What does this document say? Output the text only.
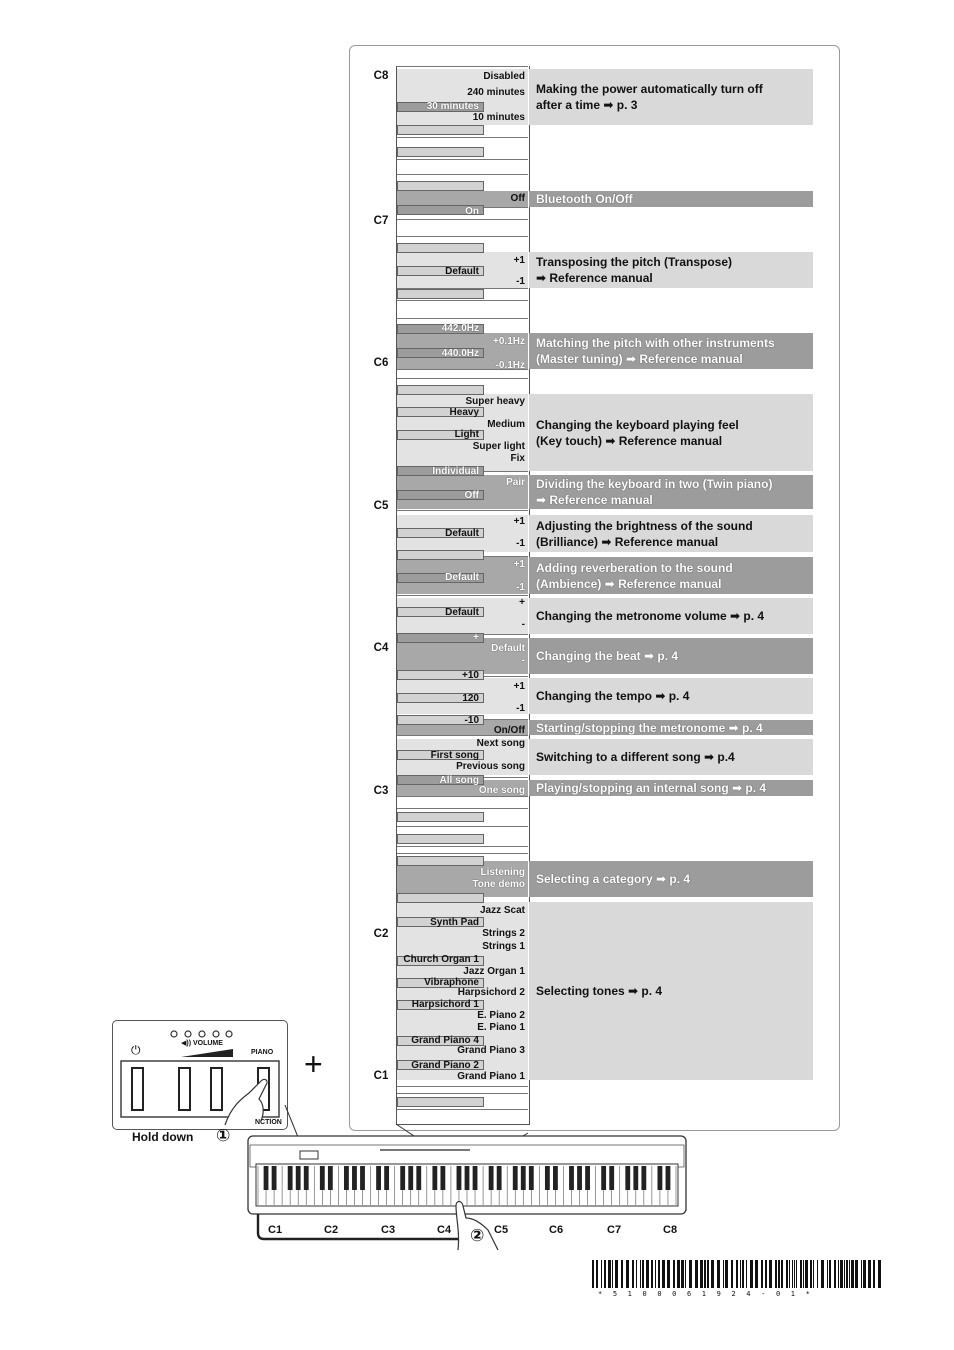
Disabled
240 minutes
30 minutes
10 minutes
Off
On
+1
Default
-1
442.0Hz
+0.1Hz
440.0Hz
-0.1Hz
Super heavy
Heavy
Medium
Light
Super light
Fix
Individual
Pair
Off
+1
Default
-1
+1
Default
-1
+
Default
-
+
Default
-
+10
+1
120
-1
-10
On/Off
Next song
First song
Previous song
All song
One song
Listening
Tone demo
Jazz Scat
Synth Pad
Strings 2
Strings 1
Church Organ 1
Jazz Organ 1
Vibraphone
Harpsichord 2
Harpsichord 1
E. Piano 2
E. Piano 1
Grand Piano 4
Grand Piano 3
Grand Piano 2
Grand Piano 1
C8
C7
C6
C5
C4
C3
C2
C1
Making the power automatically turn off
after a time ➡ p. 3
Bluetooth On/Off
Transposing the pitch (Transpose)
➡ Reference manual
Matching the pitch with other instruments
(Master tuning) ➡ Reference manual
Changing the keyboard playing feel
(Key touch) ➡ Reference manual
Dividing the keyboard in two (Twin piano)
➡ Reference manual
Adjusting the brightness of the sound
(Brilliance) ➡ Reference manual
Adding reverberation to the sound
(Ambience) ➡ Reference manual
Changing the metronome volume ➡ p. 4
Changing the beat ➡ p. 4
Changing the tempo ➡ p. 4
Starting/stopping the metronome ➡ p. 4
Switching to a different song ➡ p.4
Playing/stopping an internal song ➡ p. 4
Selecting a category ➡ p. 4
Selecting tones ➡ p. 4
⏻	◀)) VOLUME
PIANO
NCTION
Hold down ①
+
②
C1	C2	C3	C4	C5	C6	C7	C8
* 5 1 0 0 0 6 1 9 2 4 - 0 1 *
